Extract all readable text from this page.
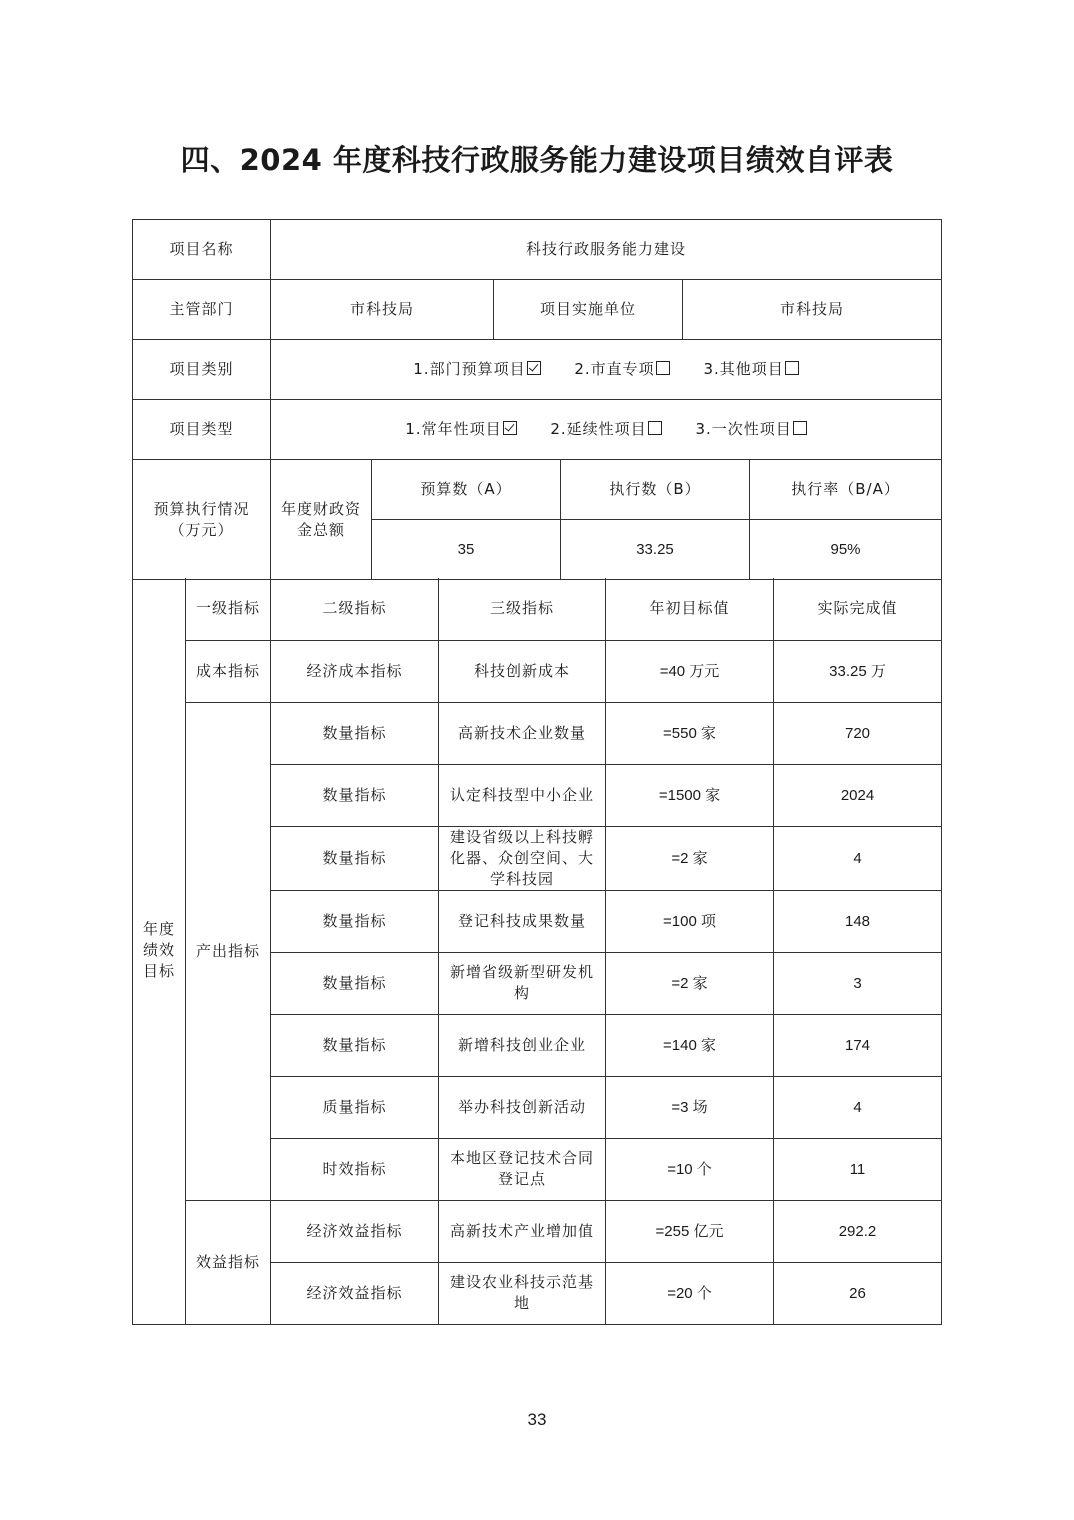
四、2024 年度科技行政服务能力建设项目绩效自评表
项目名称	科技行政服务能力建设					
主管部门	市科技局		项目实施单位		市科技局	
项目类别	1.部门预算项目 2.市直专项 3.其他项目					
项目类型	1.常年性项目 2.延续性项目 3.一次性项目					
预算执行情况（万元）	年度财政资金总额	预算数（A）		执行数（B）		执行率（B/A）
		35		33.25		95%
年度绩效目标	一级指标	二级指标	三级指标	年初目标值	实际完成值
	成本指标	经济成本指标	科技创新成本	=40 万元	33.25 万
	产出指标	数量指标	高新技术企业数量	=550 家	720
		数量指标	认定科技型中小企业	=1500 家	2024
		数量指标	建设省级以上科技孵化器、众创空间、大学科技园	=2 家	4
		数量指标	登记科技成果数量	=100 项	148
		数量指标	新增省级新型研发机构	=2 家	3
		数量指标	新增科技创业企业	=140 家	174
		质量指标	举办科技创新活动	=3 场	4
		时效指标	本地区登记技术合同登记点	=10 个	11
	效益指标	经济效益指标	高新技术产业增加值	=255 亿元	292.2
		经济效益指标	建设农业科技示范基地	=20 个	26
33
